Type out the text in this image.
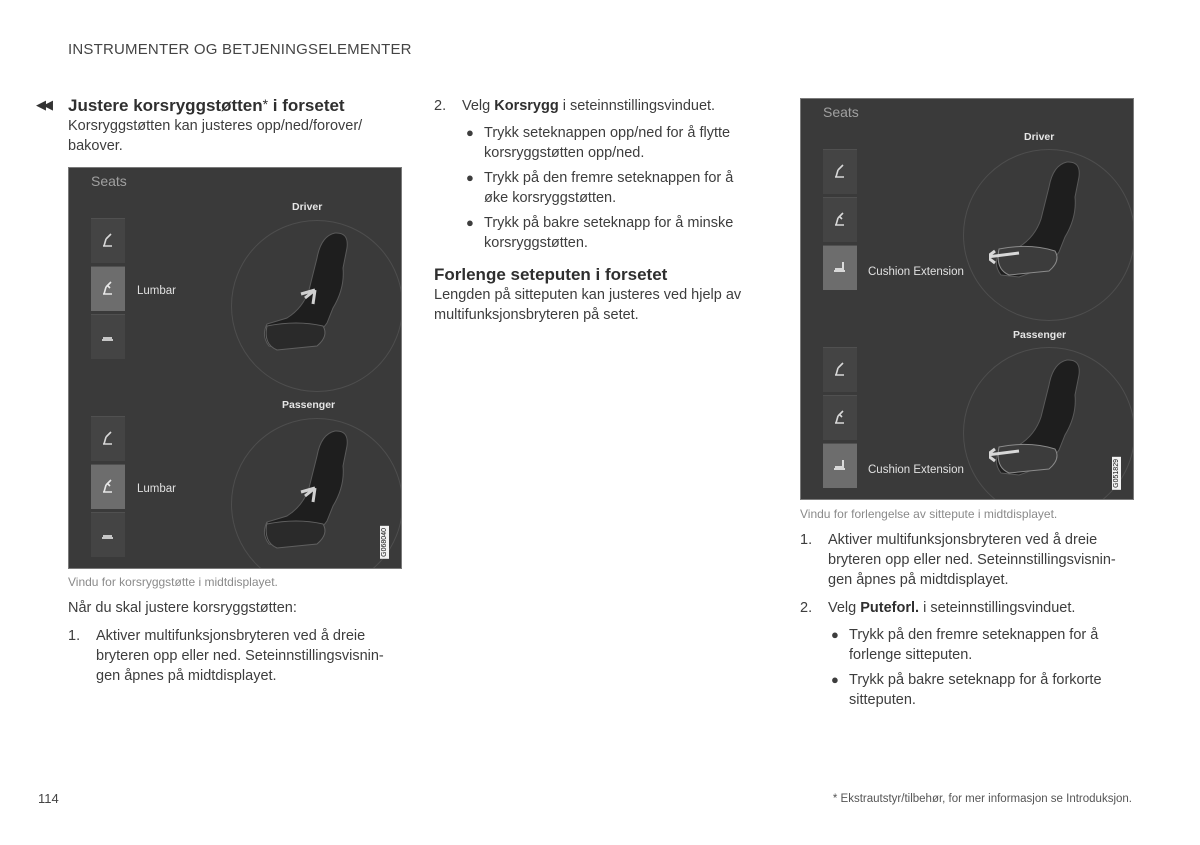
INSTRUMENTER OG BETJENINGSELEMENTER
◀◀ Justere korsryggstøtten* i forsetet

Korsryggstøtten kan justeres opp/ned/forover/ bakover.

Seats
Driver
Lumbar
Passenger
Lumbar
G068040
Vindu for korsryggstøtte i midtdisplayet.

Når du skal justere korsryggstøtten:

1. Aktiver multifunksjonsbryteren ved å dreie bryteren opp eller ned. Seteinnstillingsvisningen åpnes på midtdisplayet.
2. Velg Korsrygg i seteinnstillingsvinduet.
● Trykk seteknappen opp/ned for å flytte korsryggstøtten opp/ned.
● Trykk på den fremre seteknappen for å øke korsryggstøtten.
● Trykk på bakre seteknapp for å minske korsryggstøtten.
Forlenge seteputen i forsetet

Lengden på sitteputen kan justeres ved hjelp av multifunksjonsbryteren på setet.

Seats
Driver
Cushion Extension
Passenger
Cushion Extension	G051829
Vindu for forlengelse av sittepute i midtdisplayet.
1. Aktiver multifunksjonsbryteren ved å dreie bryteren opp eller ned. Seteinnstillingsvisningen åpnes på midtdisplayet.
2. Velg Puteforl. i seteinnstillingsvinduet.
● Trykk på den fremre seteknappen for å forlenge sitteputen.
● Trykk på bakre seteknapp for å forkorte sitteputen.
114	* Ekstrautstyr/tilbehør, for mer informasjon se Introduksjon.
